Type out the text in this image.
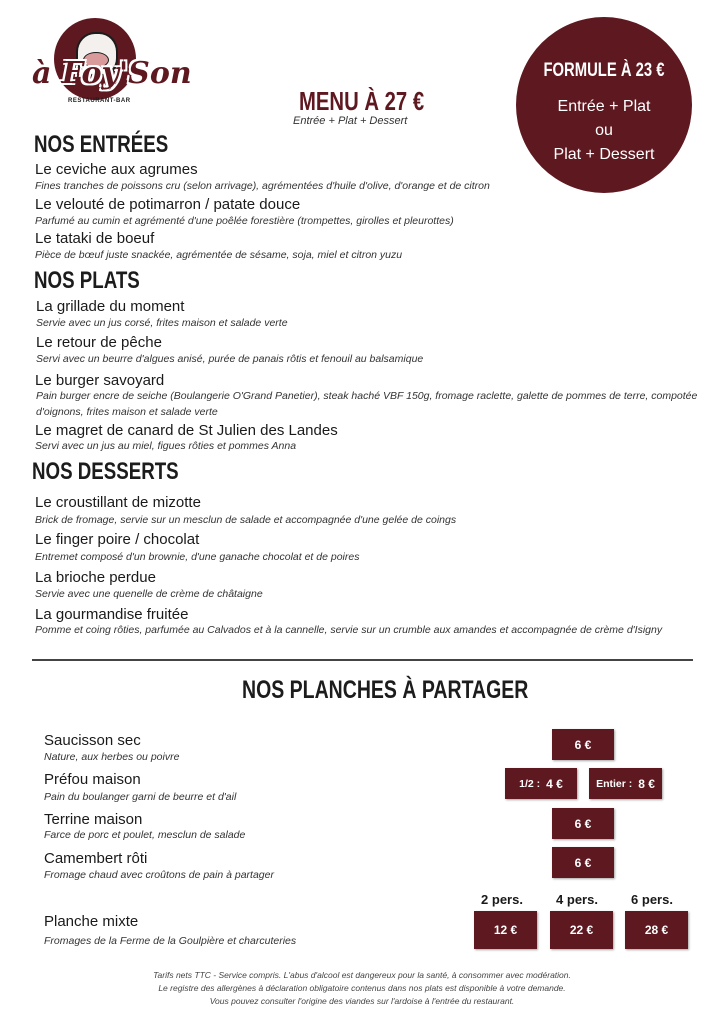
à Foy'Son
RESTAURANT-BAR
FORMULE À 23 €
Entrée + Plat
ou
Plat + Dessert
MENU À 27 €
Entrée + Plat + Dessert
NOS ENTRÉES
Le ceviche aux agrumes
Fines tranches de poissons cru (selon arrivage), agrémentées d'huile d'olive, d'orange et de citron
Le velouté de potimarron / patate douce
Parfumé au cumin et agrémenté d'une poêlée forestière (trompettes, girolles et pleurottes)
Le tataki de boeuf
Pièce de bœuf juste snackée, agrémentée de sésame, soja, miel et citron yuzu
NOS PLATS
La grillade du moment
Servie avec un jus corsé, frites maison et salade verte
Le retour de pêche
Servi avec un beurre d'algues anisé, purée de panais rôtis et fenouil au balsamique
Le burger savoyard
Pain burger encre de seiche (Boulangerie O'Grand Panetier), steak haché VBF 150g, fromage raclette, galette de pommes de terre, compotée d'oignons, frites maison et salade verte
Le magret de canard de St Julien des Landes
Servi avec un jus au miel, figues rôties et pommes Anna
NOS DESSERTS
Le croustillant de mizotte
Brick de fromage, servie sur un mesclun de salade et accompagnée d'une gelée de coings
Le finger poire / chocolat
Entremet composé d'un brownie, d'une ganache chocolat et de poires
La brioche perdue
Servie avec une quenelle de crème de châtaigne
La gourmandise fruitée
Pomme et coing rôties, parfumée au Calvados et à la cannelle, servie sur un crumble aux amandes et accompagnée de crème d'Isigny
NOS PLANCHES À PARTAGER
Saucisson sec
Nature, aux herbes ou poivre
6 €
Préfou maison
Pain du boulanger garni de beurre et d'ail
1/2 : 4 €	Entier : 8 €
Terrine maison
Farce de porc et poulet, mesclun de salade
6 €
Camembert rôti
Fromage chaud avec croûtons de pain à partager
6 €
2 pers.	4 pers.	6 pers.
Planche mixte
Fromages de la Ferme de la Goulpière et charcuteries
12 €	22 €	28 €
Tarifs nets TTC - Service compris. L'abus d'alcool est dangereux pour la santé, à consommer avec modération.
Le registre des allergènes à déclaration obligatoire contenus dans nos plats est disponible à votre demande.
Vous pouvez consulter l'origine des viandes sur l'ardoise à l'entrée du restaurant.
